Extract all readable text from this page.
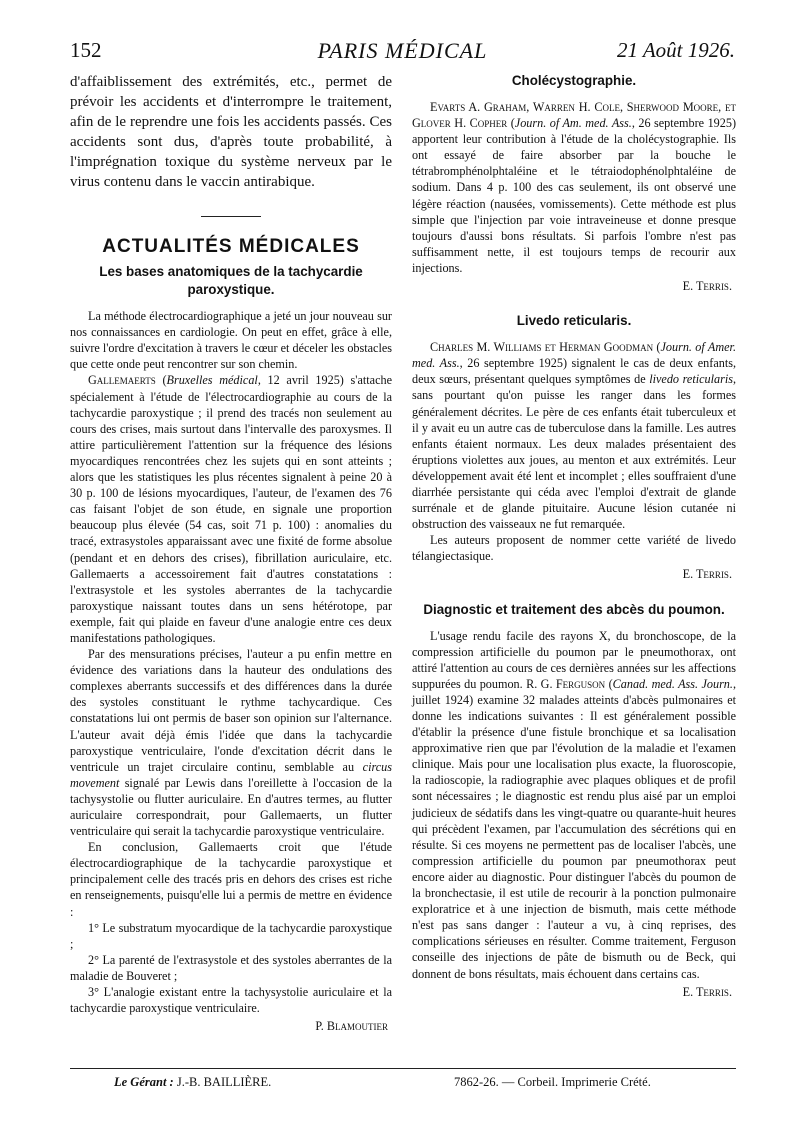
152	PARIS MÉDICAL	21 Août 1926.

d'affaiblissement des extrémités, etc., permet de prévoir les accidents et d'interrompre le traitement, afin de le reprendre une fois les accidents passés. Ces accidents sont dus, d'après toute probabilité, à l'imprégnation toxique du système nerveux par le virus contenu dans le vaccin antirabique.

ACTUALITÉS MÉDICALES
Les bases anatomiques de la tachycardie paroxystique.

La méthode électrocardiographique a jeté un jour nouveau sur nos connaissances en cardiologie. On peut en effet, grâce à elle, suivre l'ordre d'excitation à travers le cœur et déceler les obstacles que cette onde peut rencontrer sur son chemin.

Gallemaerts (Bruxelles médical, 12 avril 1925) s'attache spécialement à l'étude de l'électrocardiographie au cours de la tachycardie paroxystique ; il prend des tracés non seulement au cours des crises, mais surtout dans l'intervalle des paroxysmes. Il attire particulièrement l'attention sur la fréquence des lésions myocardiques rencontrées chez les sujets qui en sont atteints ; alors que les statistiques les plus récentes signalent à peine 20 à 30 p. 100 de lésions myocardiques, l'auteur, de l'examen des 76 cas faisant l'objet de son étude, en signale une proportion beaucoup plus élevée (54 cas, soit 71 p. 100) : anomalies du tracé, extrasystoles apparaissant avec une fixité de forme absolue (pendant et en dehors des crises), fibrillation auriculaire, etc. Gallemaerts a accessoirement fait d'autres constatations : l'extrasystole et les systoles aberrantes de la tachycardie paroxystique naissant toutes dans un sens hétérotope, par exemple, fait qui plaide en faveur d'une analogie entre ces deux manifestations pathologiques.

Par des mensurations précises, l'auteur a pu enfin mettre en évidence des variations dans la hauteur des ondulations des complexes aberrants successifs et des différences dans la durée des systoles constituant le rythme tachycardique. Ces constatations lui ont permis de baser son opinion sur l'alternance. L'auteur avait déjà émis l'idée que dans la tachycardie paroxystique ventriculaire, l'onde d'excitation décrit dans le ventricule un trajet circulaire continu, semblable au circus movement signalé par Lewis dans l'oreillette à l'occasion de la tachysystolie ou flutter auriculaire. En d'autres termes, au flutter auriculaire correspondrait, pour Gallemaerts, un flutter ventriculaire qui serait la tachycardie paroxystique ventriculaire.

En conclusion, Gallemaerts croit que l'étude électrocardiographique de la tachycardie paroxystique et principalement celle des tracés pris en dehors des crises est riche en renseignements, puisqu'elle lui a permis de mettre en évidence :

1° Le substratum myocardique de la tachycardie paroxystique ;

2° La parenté de l'extrasystole et des systoles aberrantes de la maladie de Bouveret ;

3° L'analogie existant entre la tachysystolie auriculaire et la tachycardie paroxystique ventriculaire.

P. Blamoutier
Cholécystographie.

Evarts A. Graham, Warren H. Cole, Sherwood Moore, et Glover H. Copher (Journ. of Am. med. Ass., 26 septembre 1925) apportent leur contribution à l'étude de la cholécystographie. Ils ont essayé de faire absorber par la bouche le tétrabromphénolphtaléine et le tétraiodophénolphtaléine de sodium. Dans 4 p. 100 des cas seulement, ils ont observé une légère réaction (nausées, vomissements). Cette méthode est plus simple que l'injection par voie intraveineuse et donne presque toujours d'aussi bons résultats. Si parfois l'ombre n'est pas suffisamment nette, il est toujours temps de recourir aux injections.

E. Terris.
Livedo reticularis.

Charles M. Williams et Herman Goodman (Journ. of Amer. med. Ass., 26 septembre 1925) signalent le cas de deux enfants, deux sœurs, présentant quelques symptômes de livedo reticularis, sans pourtant qu'on puisse les ranger dans les formes généralement décrites. Le père de ces enfants était tuberculeux et il y avait eu un autre cas de tuberculose dans la famille. Les autres enfants étaient normaux. Les deux malades présentaient des éruptions violettes aux joues, au menton et aux extrémités. Leur développement avait été lent et incomplet ; elles souffraient d'une diarrhée persistante qui céda avec l'emploi d'extrait de glande surrénale et de glande pituitaire. Aucune lésion cutanée ni obstruction des vaisseaux ne fut remarquée.

Les auteurs proposent de nommer cette variété de livedo télangiectasique.

E. Terris.
Diagnostic et traitement des abcès du poumon.

L'usage rendu facile des rayons X, du bronchoscope, de la compression artificielle du poumon par le pneumothorax, ont attiré l'attention au cours de ces dernières années sur les affections suppurées du poumon. R. G. Ferguson (Canad. med. Ass. Journ., juillet 1924) examine 32 malades atteints d'abcès pulmonaires et donne les indications suivantes : Il est généralement possible d'établir la présence d'une fistule bronchique et sa localisation approximative rien que par l'évolution de la maladie et l'examen clinique. Mais pour une localisation plus exacte, la fluoroscopie, la radioscopie, la radiographie avec plaques obliques et de profil sont nécessaires ; le diagnostic est rendu plus aisé par un emploi judicieux de sédatifs dans les vingt-quatre ou quarante-huit heures qui précèdent l'examen, par l'accumulation des sécrétions qui en résulte. Si ces moyens ne permettent pas de localiser l'abcès, une compression artificielle du poumon par pneumothorax peut encore aider au diagnostic. Pour distinguer l'abcès du poumon de la bronchectasie, il est utile de recourir à la ponction pulmonaire exploratrice et à une injection de bismuth, mais cette méthode n'est pas sans danger : l'auteur a vu, à cinq reprises, des complications sérieuses en résulter. Comme traitement, Ferguson conseille des injections de pâte de bismuth ou de Beck, qui donnent de bons résultats, mais échouent dans certains cas.

E. Terris.
Le Gérant : J.-B. BAILLIÈRE.	7862-26. — Corbeil. Imprimerie Crété.
